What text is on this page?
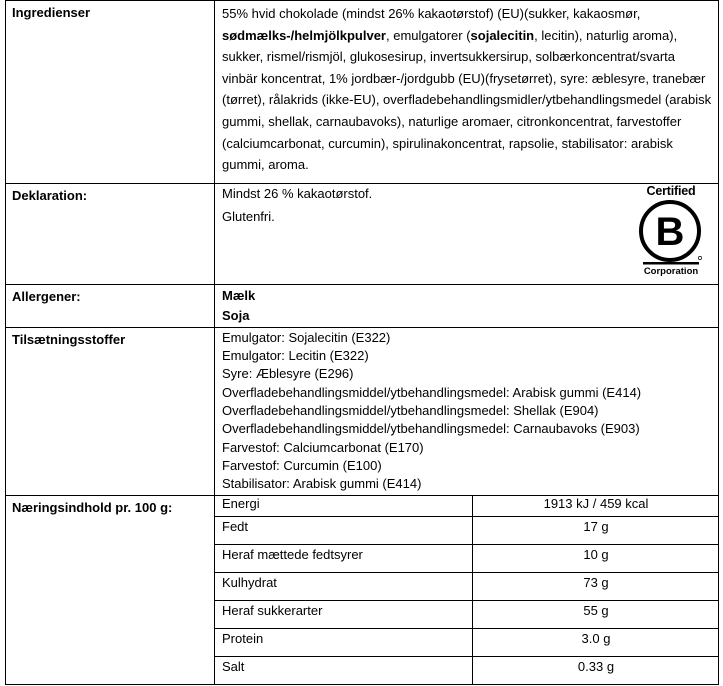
Ingredienser	55% hvid chokolade (mindst 26% kakaotørstof) (EU)(sukker, kakaosmør, sødmælks-/helmjölkpulver, emulgatorer (sojalecitin, lecitin), naturlig aroma), sukker, rismel/rismjöl, glukosesirup, invertsukkersirup, solbærkoncentrat/svarta vinbär koncentrat, 1% jordbær-/jordgubb (EU)(frysetørret), syre: æblesyre, tranebær (tørret), rålakrids (ikke-EU), overfladebehandlingsmidler/ytbehandlingsmedel (arabisk gummi, shellak, carnaubavoks), naturlige aromaer, citronkoncentrat, farvestoffer (calciumcarbonat, curcumin), spirulinakoncentrat, rapsolie, stabilisator: arabisk gummi, aroma.

Deklaration:	Mindst 26 % kakaotørstof.

Glutenfri.

Certified
B
Corporation

Allergener:	Mælk
Soja

Tilsætningsstoffer	Emulgator: Sojalecitin (E322)
Emulgator: Lecitin (E322)
Syre: Æblesyre (E296)
Overfladebehandlingsmiddel/ytbehandlingsmedel: Arabisk gummi (E414)
Overfladebehandlingsmiddel/ytbehandlingsmedel: Shellak (E904)
Overfladebehandlingsmiddel/ytbehandlingsmedel: Carnaubavoks (E903)
Farvestof: Calciumcarbonat (E170)
Farvestof: Curcumin (E100)
Stabilisator: Arabisk gummi (E414)

Næringsindhold pr. 100 g:		Energi	1913 kJ / 459 kcal
Fedt	17 g
Heraf mættede fedtsyrer	10 g
Kulhydrat	73 g
Heraf sukkerarter	55 g
Protein	3.0 g
Salt	0.33 g
